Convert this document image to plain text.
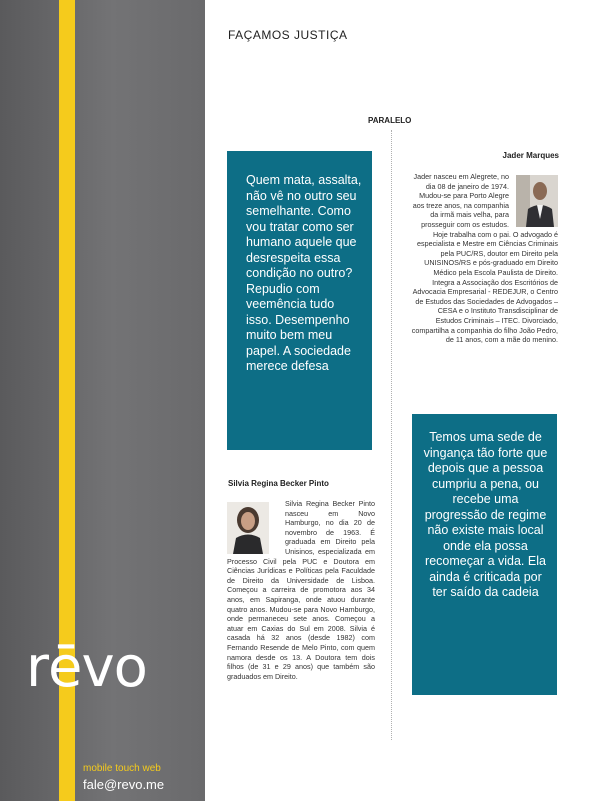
rēvo
mobile touch web
fale@revo.me
FAÇAMOS JUSTIÇA
PARALELO
Quem mata, assalta, não vê no outro seu semelhante. Como vou tratar como ser humano aquele que desrespeita essa condição no outro? Repudio com veemência tudo isso. Desempenho muito bem meu papel. A sociedade merece defesa
Jader Marques
Jader nasceu em Alegrete, no dia 08 de janeiro de 1974. Mudou-se para Porto Alegre aos treze anos, na companhia da irmã mais velha, para prosseguir com os estudos. Hoje trabalha com o pai. O advogado é especialista e Mestre em Ciências Criminais pela PUC/RS, doutor em Direito pela UNISINOS/RS e pós-graduado em Direito Médico pela Escola Paulista de Direito. Integra a Associação dos Escritórios de Advocacia Empresarial - REDEJUR, o Centro de Estudos das Sociedades de Advogados – CESA e o Instituto Transdisciplinar de Estudos Criminais – ITEC. Divorciado, compartilha a companhia do filho João Pedro, de 11 anos, com a mãe do menino.
Temos uma sede de vingança tão forte que depois que a pessoa cumpriu a pena, ou recebe uma progressão de regime não existe mais local onde ela possa recomeçar a vida. Ela ainda é criticada por ter saído da cadeia
Silvia Regina Becker Pinto
Silvia Regina Becker Pinto nasceu em Novo Hamburgo, no dia 20 de novembro de 1963. É graduada em Direito pela Unisinos, especializada em Processo Civil pela PUC e Doutora em Ciências Jurídicas e Políticas pela Faculdade de Direito da Universidade de Lisboa. Começou a carreira de promotora aos 34 anos, em Sapiranga, onde atuou durante quatro anos. Mudou-se para Novo Hamburgo, onde permaneceu sete anos. Começou a atuar em Caxias do Sul em 2008. Silvia é casada há 32 anos (desde 1982) com Fernando Resende de Melo Pinto, com quem namora desde os 13. A Doutora tem dois filhos (de 31 e 29 anos) que também são graduados em Direito.
